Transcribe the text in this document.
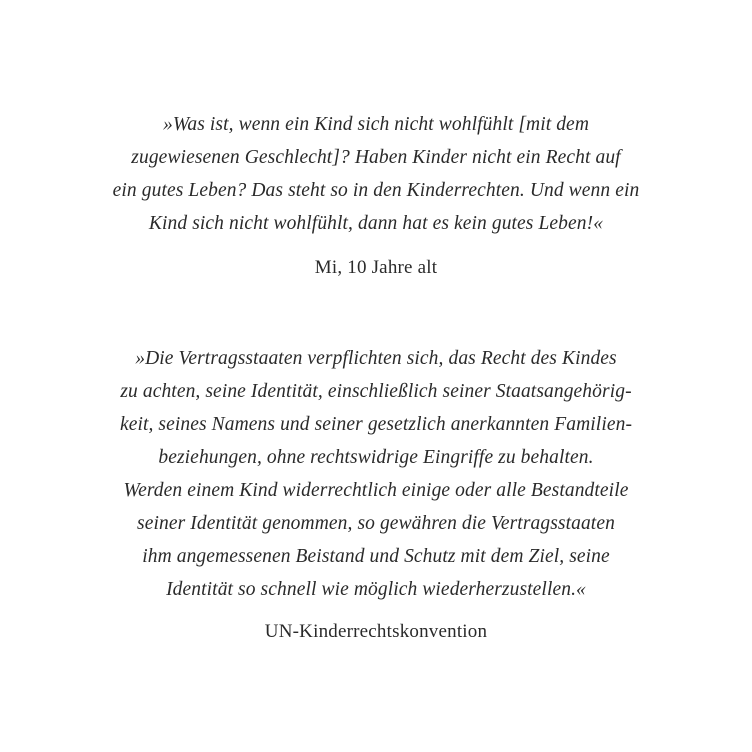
»Was ist, wenn ein Kind sich nicht wohlfühlt [mit dem
zugewiesenen Geschlecht]? Haben Kinder nicht ein Recht auf
ein gutes Leben? Das steht so in den Kinderrechten. Und wenn ein
Kind sich nicht wohlfühlt, dann hat es kein gutes Leben!«
Mi, 10 Jahre alt
»Die Vertragsstaaten verpflichten sich, das Recht des Kindes
zu achten, seine Identität, einschließlich seiner Staatsangehörig-
keit, seines Namens und seiner gesetzlich anerkannten Familien-
beziehungen, ohne rechtswidrige Eingriffe zu behalten.
Werden einem Kind widerrechtlich einige oder alle Bestandteile
seiner Identität genommen, so gewähren die Vertragsstaaten
ihm angemessenen Beistand und Schutz mit dem Ziel, seine
Identität so schnell wie möglich wiederherzustellen.«
UN-Kinderrechtskonvention
